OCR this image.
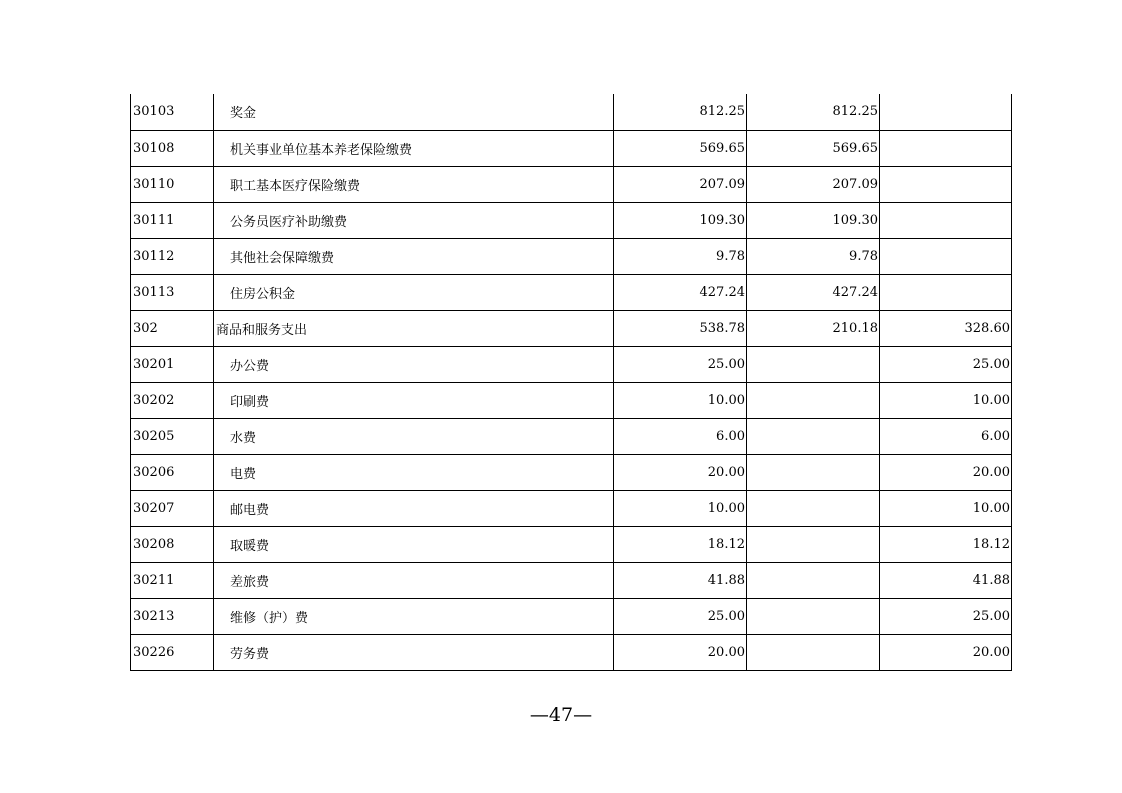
30103	奖金	812.25	812.25	
30108	机关事业单位基本养老保险缴费	569.65	569.65	
30110	职工基本医疗保险缴费	207.09	207.09	
30111	公务员医疗补助缴费	109.30	109.30	
30112	其他社会保障缴费	9.78	9.78	
30113	住房公积金	427.24	427.24	
302	商品和服务支出	538.78	210.18	328.60
30201	办公费	25.00		25.00
30202	印刷费	10.00		10.00
30205	水费	6.00		6.00
30206	电费	20.00		20.00
30207	邮电费	10.00		10.00
30208	取暖费	18.12		18.12
30211	差旅费	41.88		41.88
30213	维修（护）费	25.00		25.00
30226	劳务费	20.00		20.00
—47—
